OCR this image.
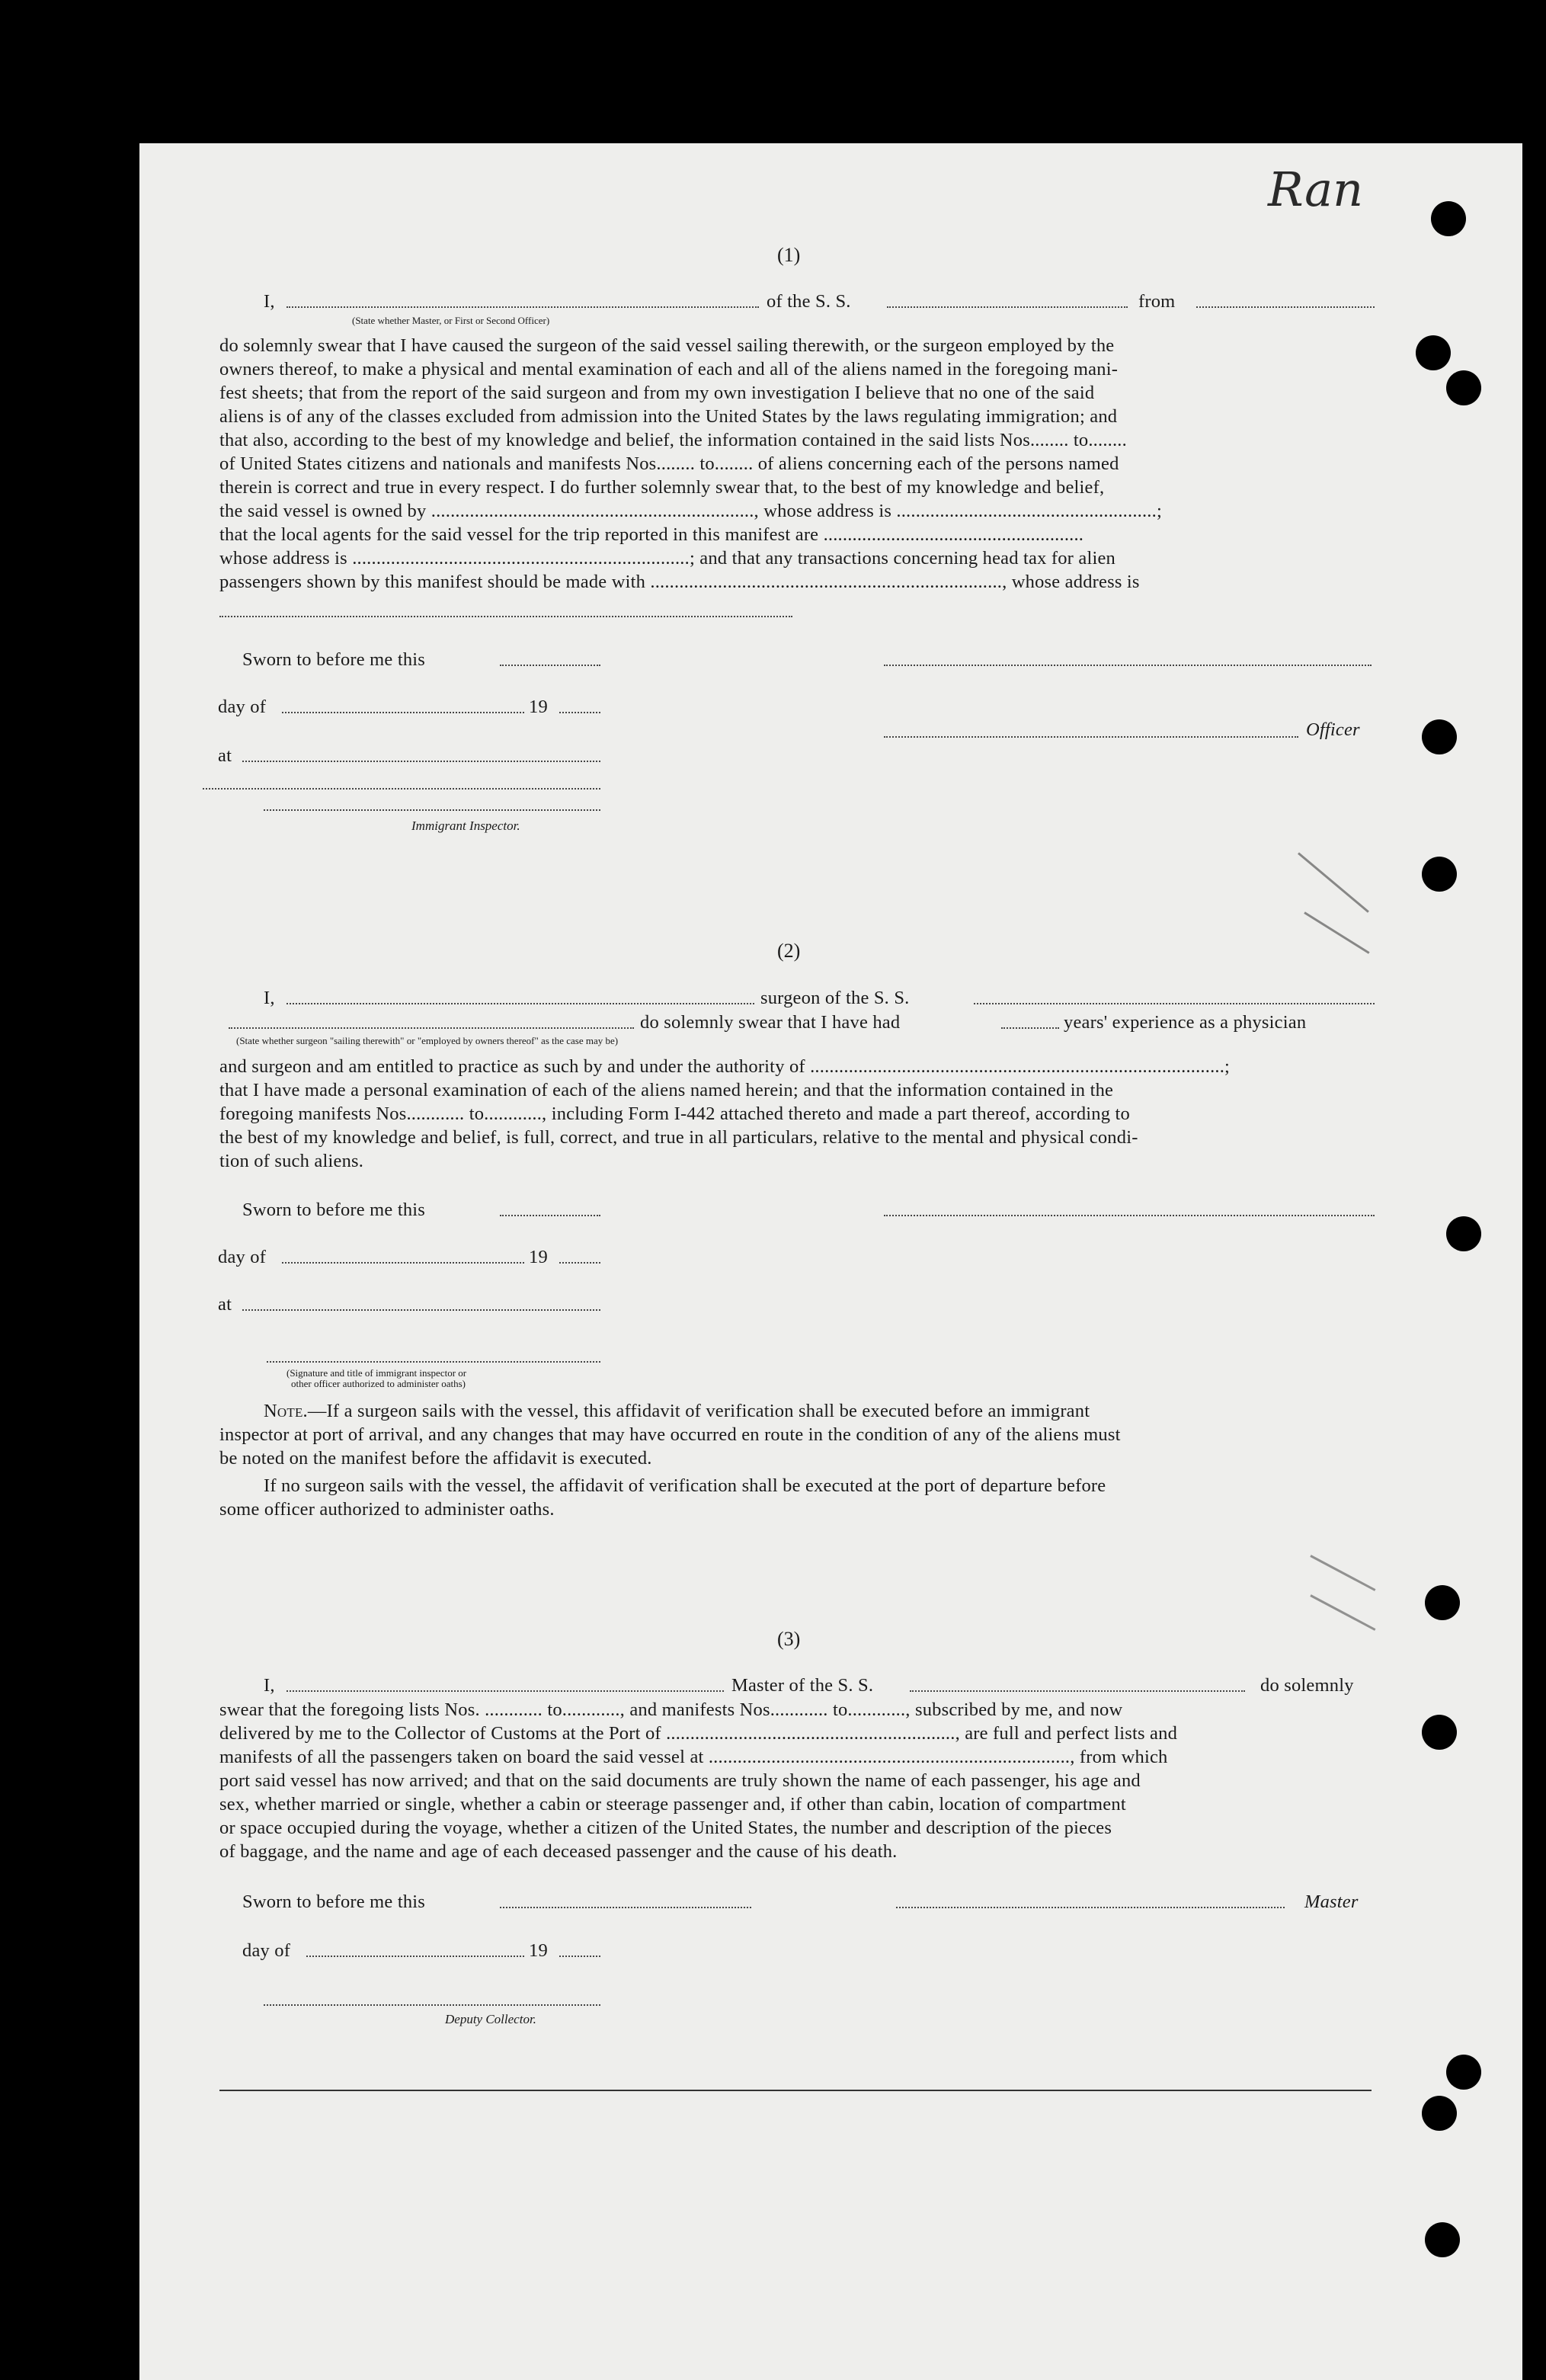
Ran
(1)
I,	of the S. S.	from
(State whether Master, or First or Second Officer)
do solemnly swear that I have caused the surgeon of the said vessel sailing therewith, or the surgeon employed by the
owners thereof, to make a physical and mental examination of each and all of the aliens named in the foregoing mani-
fest sheets; that from the report of the said surgeon and from my own investigation I believe that no one of the said
aliens is of any of the classes excluded from admission into the United States by the laws regulating immigration; and
that also, according to the best of my knowledge and belief, the information contained in the said lists Nos........ to........
of United States citizens and nationals and manifests Nos........ to........ of aliens concerning each of the persons named
therein is correct and true in every respect. I do further solemnly swear that, to the best of my knowledge and belief,
the said vessel is owned by ..................................................................., whose address is ......................................................;
that the local agents for the said vessel for the trip reported in this manifest are ......................................................
whose address is ......................................................................; and that any transactions concerning head tax for alien
passengers shown by this manifest should be made with ........................................................................., whose address is
Sworn to before me this
day of	19
Officer
at
Immigrant Inspector.
(2)
I,	surgeon of the S. S.
do solemnly swear that I have had	years' experience as a physician
(State whether surgeon "sailing therewith" or "employed by owners thereof" as the case may be)
and surgeon and am entitled to practice as such by and under the authority of ......................................................................................;
that I have made a personal examination of each of the aliens named herein; and that the information contained in the
foregoing manifests Nos............ to............, including Form I-442 attached thereto and made a part thereof, according to
the best of my knowledge and belief, is full, correct, and true in all particulars, relative to the mental and physical condi-
tion of such aliens.
Sworn to before me this
day of	19
at
(Signature and title of immigrant inspector or
other officer authorized to administer oaths)
Note.—If a surgeon sails with the vessel, this affidavit of verification shall be executed before an immigrant
inspector at port of arrival, and any changes that may have occurred en route in the condition of any of the aliens must
be noted on the manifest before the affidavit is executed.
If no surgeon sails with the vessel, the affidavit of verification shall be executed at the port of departure before
some officer authorized to administer oaths.
(3)
I,	Master of the S. S.	do solemnly
swear that the foregoing lists Nos. ............ to............, and manifests Nos............ to............, subscribed by me, and now
delivered by me to the Collector of Customs at the Port of ............................................................, are full and perfect lists and
manifests of all the passengers taken on board the said vessel at ..........................................................................., from which
port said vessel has now arrived; and that on the said documents are truly shown the name of each passenger, his age and
sex, whether married or single, whether a cabin or steerage passenger and, if other than cabin, location of compartment
or space occupied during the voyage, whether a citizen of the United States, the number and description of the pieces
of baggage, and the name and age of each deceased passenger and the cause of his death.
Sworn to before me this	Master
day of	19
Deputy Collector.
